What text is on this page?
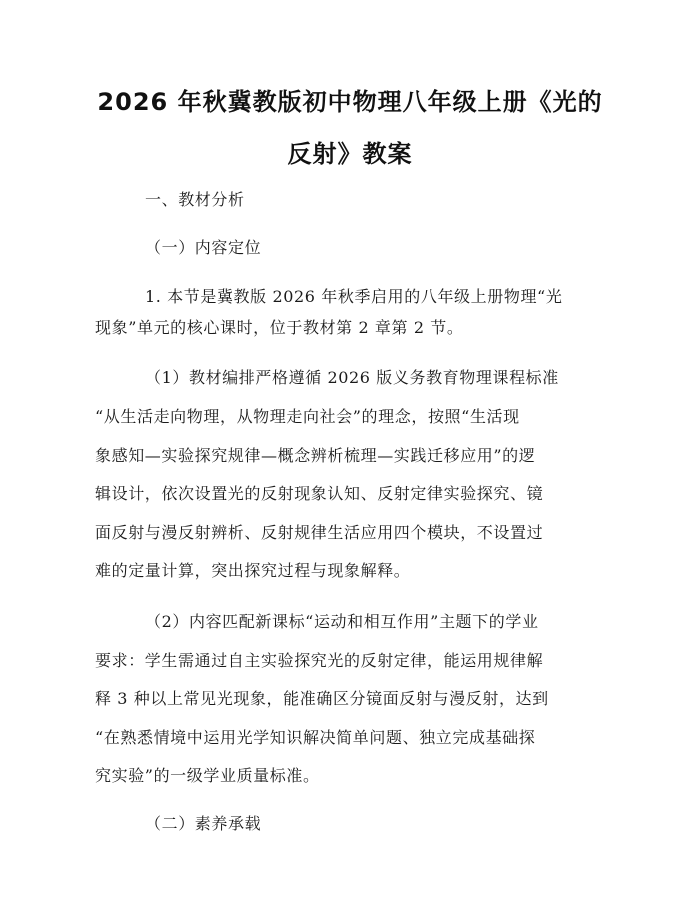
2026 年秋冀教版初中物理八年级上册《光的
反射》教案

一、教材分析

（一）内容定位

1. 本节是冀教版 2026 年秋季启用的八年级上册物理“光

现象”单元的核心课时，位于教材第 2 章第 2 节。

（1）教材编排严格遵循 2026 版义务教育物理课程标准

“从生活走向物理，从物理走向社会”的理念，按照“生活现

象感知—实验探究规律—概念辨析梳理—实践迁移应用”的逻

辑设计，依次设置光的反射现象认知、反射定律实验探究、镜

面反射与漫反射辨析、反射规律生活应用四个模块，不设置过

难的定量计算，突出探究过程与现象解释。

（2）内容匹配新课标“运动和相互作用”主题下的学业

要求：学生需通过自主实验探究光的反射定律，能运用规律解

释 3 种以上常见光现象，能准确区分镜面反射与漫反射，达到

“在熟悉情境中运用光学知识解决简单问题、独立完成基础探

究实验”的一级学业质量标准。

（二）素养承载
